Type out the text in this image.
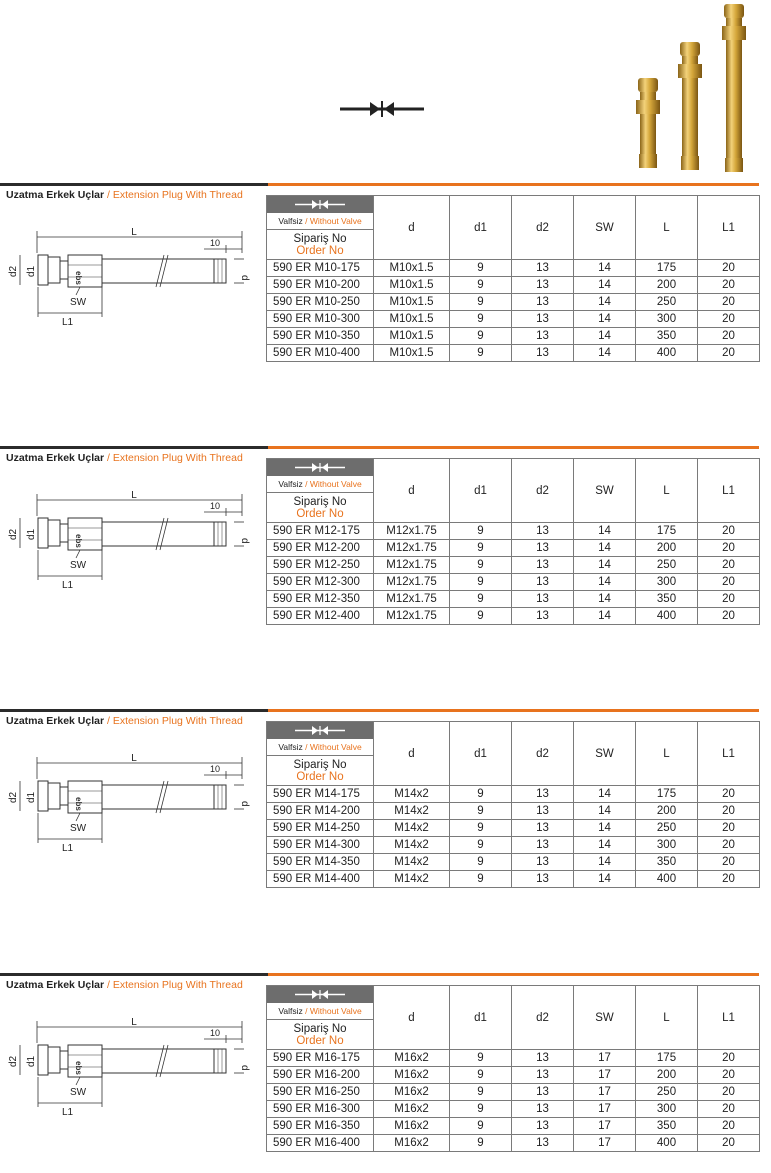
Uzatma Erkek Uçlar / Extension Plug With Thread
L
10
ebs	d
d1
d2
SW
L1
Valfsiz / Without Valve
Sipariş No
Order No	d	d1	d2	SW	L	L1
590 ER M10-175	M10x1.5	9	13	14	175	20
590 ER M10-200	M10x1.5	9	13	14	200	20
590 ER M10-250	M10x1.5	9	13	14	250	20
590 ER M10-300	M10x1.5	9	13	14	300	20
590 ER M10-350	M10x1.5	9	13	14	350	20
590 ER M10-400	M10x1.5	9	13	14	400	20
Uzatma Erkek Uçlar / Extension Plug With Thread
L
10
ebs	d
d1
d2
SW
L1
Valfsiz / Without Valve
Sipariş No
Order No	d	d1	d2	SW	L	L1
590 ER M12-175	M12x1.75	9	13	14	175	20
590 ER M12-200	M12x1.75	9	13	14	200	20
590 ER M12-250	M12x1.75	9	13	14	250	20
590 ER M12-300	M12x1.75	9	13	14	300	20
590 ER M12-350	M12x1.75	9	13	14	350	20
590 ER M12-400	M12x1.75	9	13	14	400	20
Uzatma Erkek Uçlar / Extension Plug With Thread
L
10
ebs	d
d1
d2
SW
L1
Valfsiz / Without Valve
Sipariş No
Order No	d	d1	d2	SW	L	L1
590 ER M14-175	M14x2	9	13	14	175	20
590 ER M14-200	M14x2	9	13	14	200	20
590 ER M14-250	M14x2	9	13	14	250	20
590 ER M14-300	M14x2	9	13	14	300	20
590 ER M14-350	M14x2	9	13	14	350	20
590 ER M14-400	M14x2	9	13	14	400	20
Uzatma Erkek Uçlar / Extension Plug With Thread
L
10
ebs	d
d1
d2
SW
L1
Valfsiz / Without Valve
Sipariş No
Order No	d	d1	d2	SW	L	L1
590 ER M16-175	M16x2	9	13	17	175	20
590 ER M16-200	M16x2	9	13	17	200	20
590 ER M16-250	M16x2	9	13	17	250	20
590 ER M16-300	M16x2	9	13	17	300	20
590 ER M16-350	M16x2	9	13	17	350	20
590 ER M16-400	M16x2	9	13	17	400	20
